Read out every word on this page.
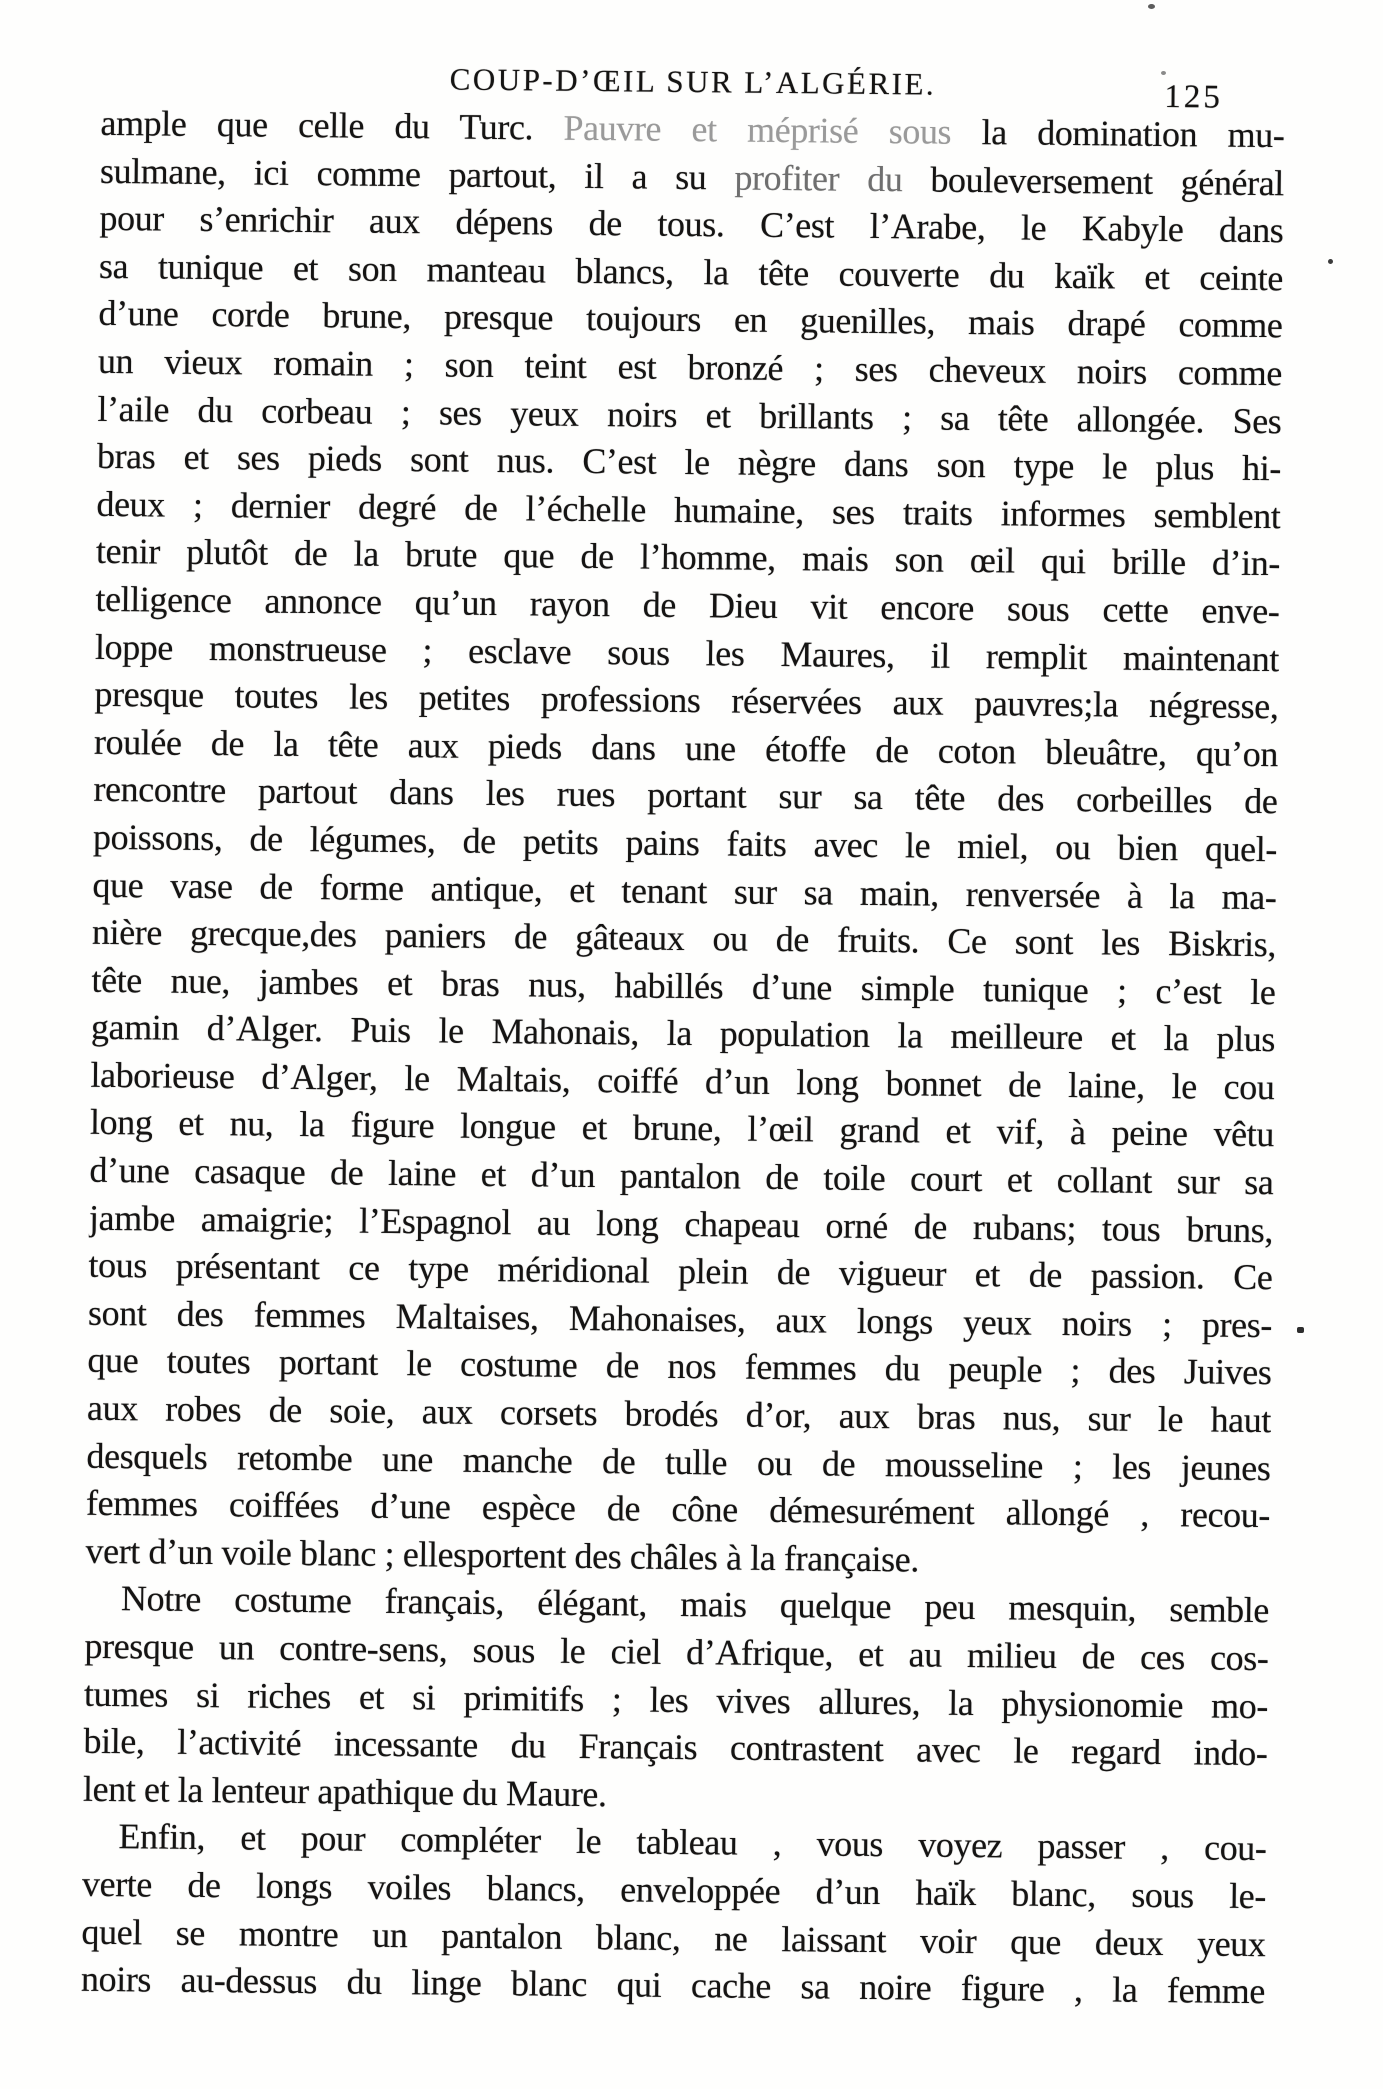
COUP-D’ŒIL SUR L’ALGÉRIE.	125
ample que celle du Turc. Pauvre et méprisé sous la domination mu-
sulmane, ici comme partout, il a su profiter du bouleversement général
pour s’enrichir aux dépens de tous. C’est l’Arabe, le Kabyle dans
sa tunique et son manteau blancs, la tête couverte du kaïk et ceinte
d’une corde brune, presque toujours en guenilles, mais drapé comme
un vieux romain ; son teint est bronzé ; ses cheveux noirs comme
l’aile du corbeau ; ses yeux noirs et brillants ; sa tête allongée. Ses
bras et ses pieds sont nus. C’est le nègre dans son type le plus hi-
deux ; dernier degré de l’échelle humaine, ses traits informes semblent
tenir plutôt de la brute que de l’homme, mais son œil qui brille d’in-
telligence annonce qu’un rayon de Dieu vit encore sous cette enve-
loppe monstrueuse ; esclave sous les Maures, il remplit maintenant
presque toutes les petites professions réservées aux pauvres;la négresse,
roulée de la tête aux pieds dans une étoffe de coton bleuâtre, qu’on
rencontre partout dans les rues portant sur sa tête des corbeilles de
poissons, de légumes, de petits pains faits avec le miel, ou bien quel-
que vase de forme antique, et tenant sur sa main, renversée à la ma-
nière grecque,des paniers de gâteaux ou de fruits. Ce sont les Biskris,
tête nue, jambes et bras nus, habillés d’une simple tunique ; c’est le
gamin d’Alger. Puis le Mahonais, la population la meilleure et la plus
laborieuse d’Alger, le Maltais, coiffé d’un long bonnet de laine, le cou
long et nu, la figure longue et brune, l’œil grand et vif, à peine vêtu
d’une casaque de laine et d’un pantalon de toile court et collant sur sa
jambe amaigrie; l’Espagnol au long chapeau orné de rubans; tous bruns,
tous présentant ce type méridional plein de vigueur et de passion. Ce
sont des femmes Maltaises, Mahonaises, aux longs yeux noirs ; pres-
que toutes portant le costume de nos femmes du peuple ; des Juives
aux robes de soie, aux corsets brodés d’or, aux bras nus, sur le haut
desquels retombe une manche de tulle ou de mousseline ; les jeunes
femmes coiffées d’une espèce de cône démesurément allongé , recou-
vert d’un voile blanc ; ellesportent des châles à la française.
Notre costume français, élégant, mais quelque peu mesquin, semble
presque un contre-sens, sous le ciel d’Afrique, et au milieu de ces cos-
tumes si riches et si primitifs ; les vives allures, la physionomie mo-
bile, l’activité incessante du Français contrastent avec le regard indo-
lent et la lenteur apathique du Maure.
Enfin, et pour compléter le tableau , vous voyez passer , cou-
verte de longs voiles blancs, enveloppée d’un haïk blanc, sous le-
quel se montre un pantalon blanc, ne laissant voir que deux yeux
noirs au-dessus du linge blanc qui cache sa noire figure , la femme
